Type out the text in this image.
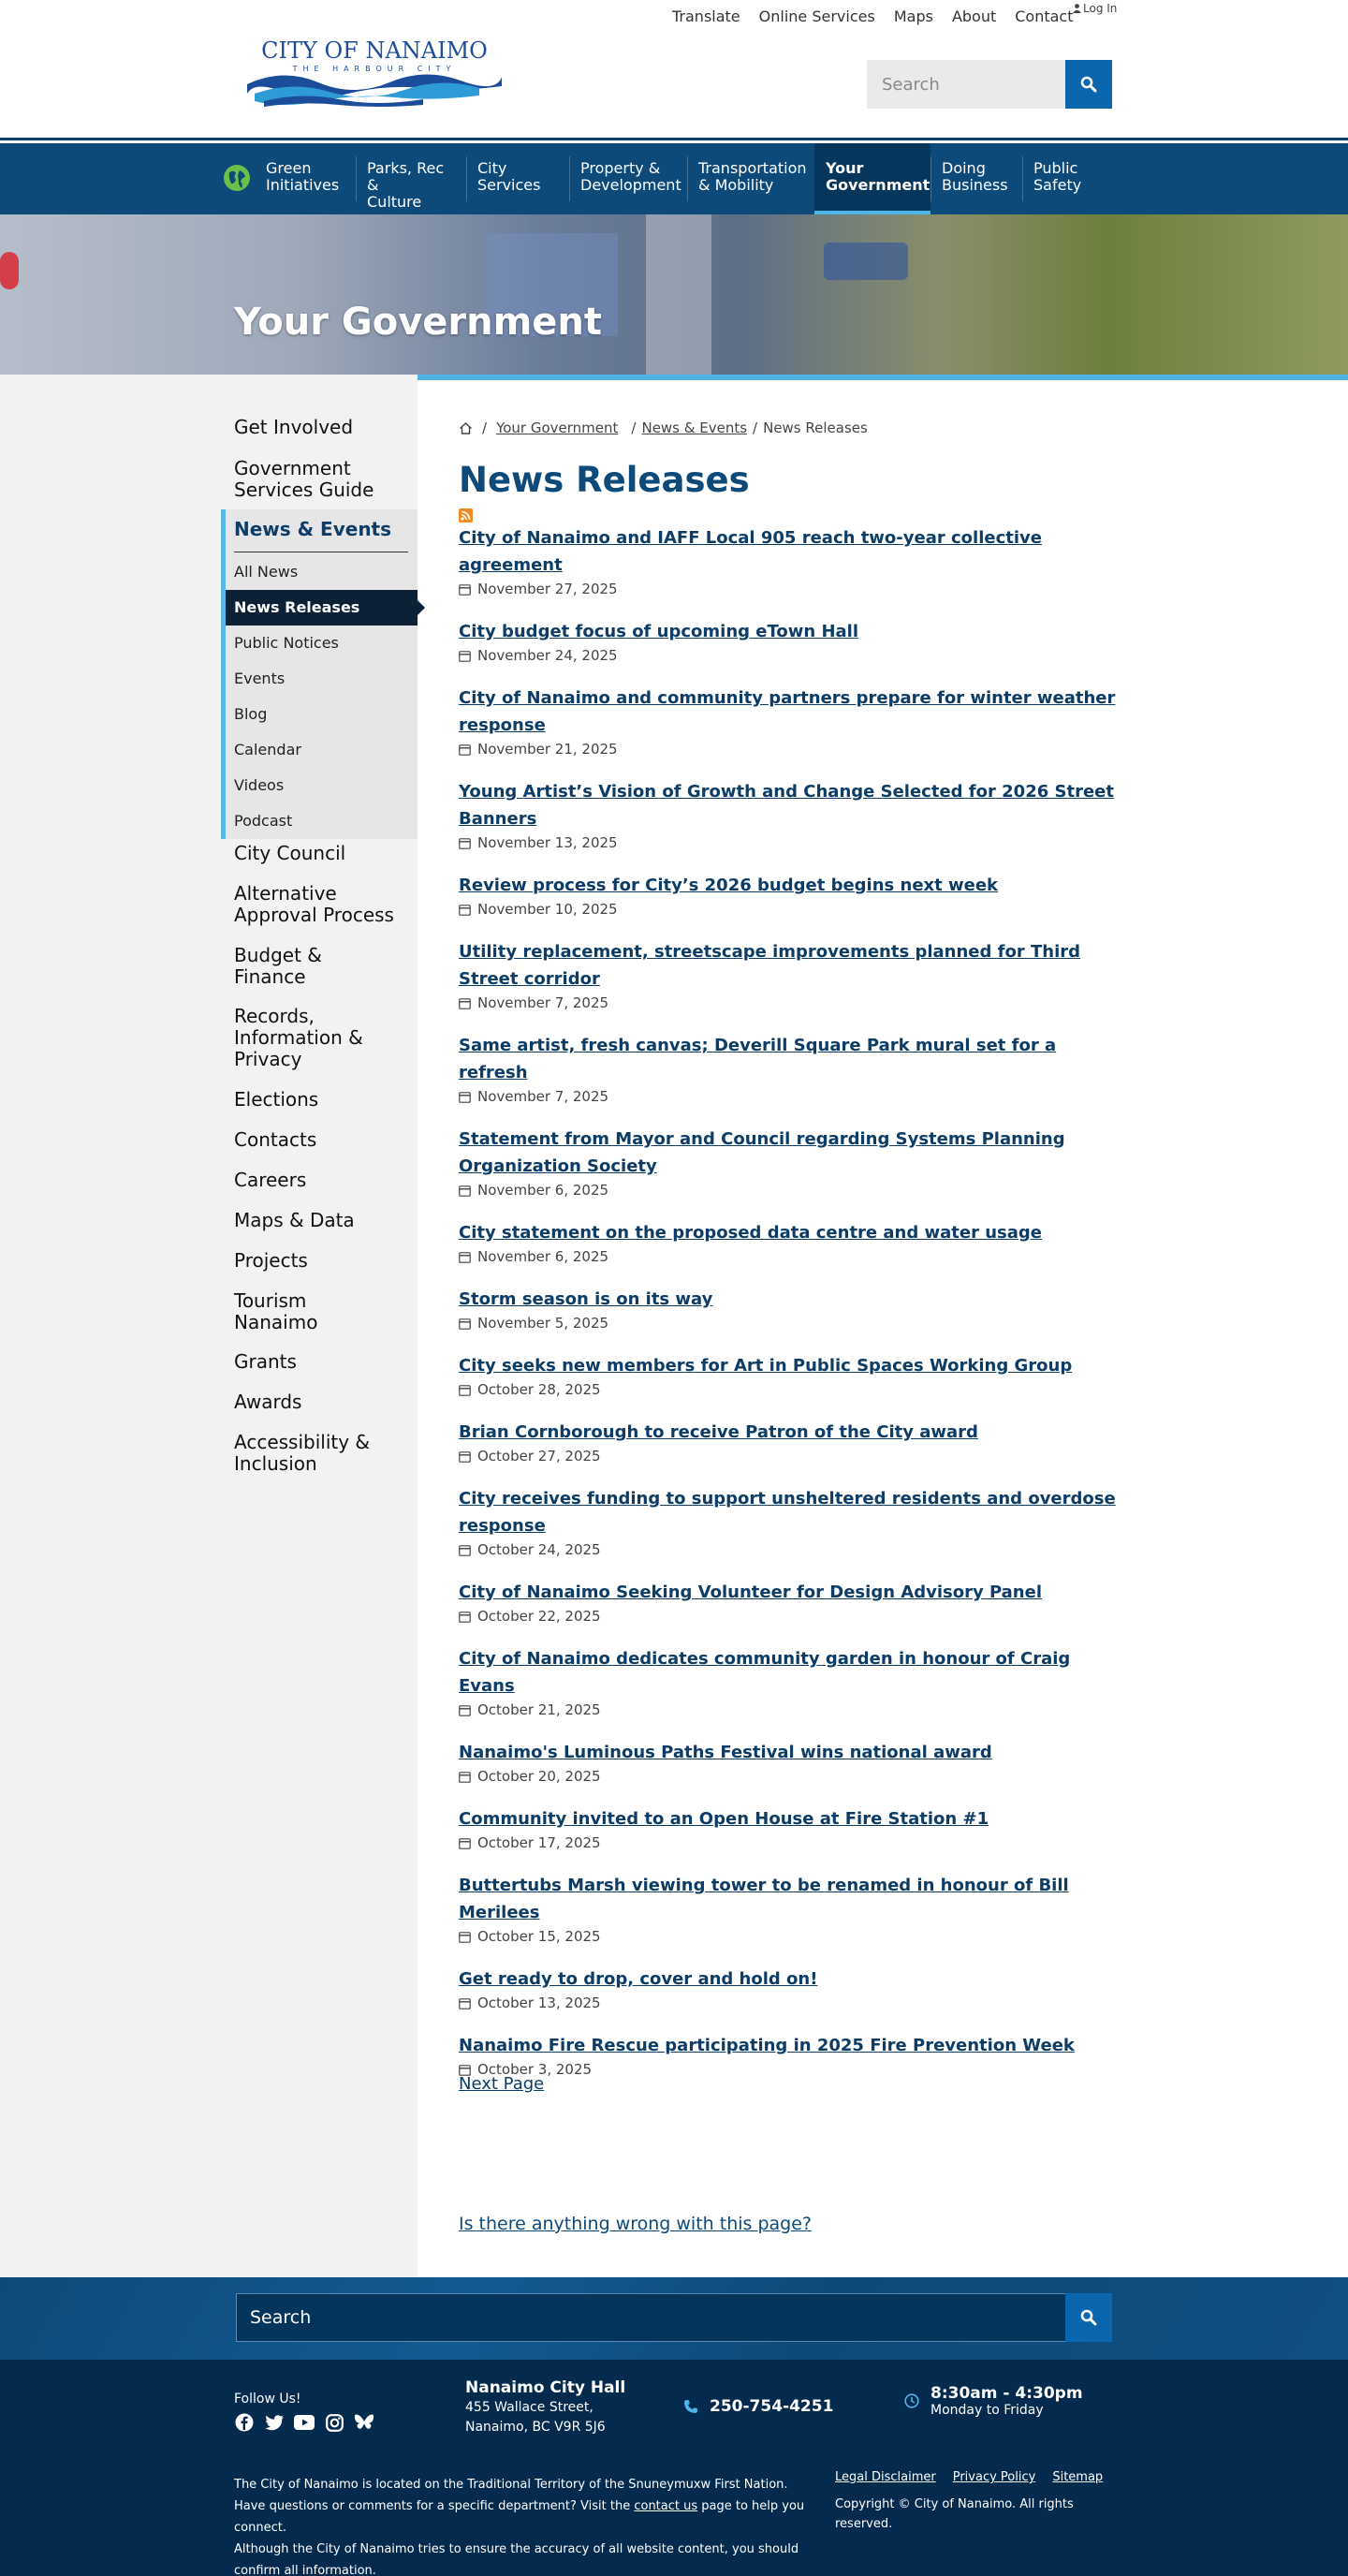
CITY OF NANAIMO
THE HARBOUR CITY
Translate Online Services Maps About Contact Log In
Search
Green
Initiatives
Parks, Rec &
Culture
City
Services
Property &
Development
Transportation
& Mobility
Your
Government
Doing
Business
Public
Safety
Your Government
Get Involved
Government
Services Guide
News & Events
All News
News Releases
Public Notices
Events
Blog
Calendar
Videos
Podcast
City Council
Alternative
Approval Process
Budget &
Finance
Records,
Information &
Privacy
Elections
Contacts
Careers
Maps & Data
Projects
Tourism
Nanaimo
Grants
Awards
Accessibility &
Inclusion
/ Your Government / News & Events / News Releases
News Releases
City of Nanaimo and IAFF Local 905 reach two-year collective agreement
November 27, 2025
City budget focus of upcoming eTown Hall
November 24, 2025
City of Nanaimo and community partners prepare for winter weather response
November 21, 2025
Young Artist’s Vision of Growth and Change Selected for 2026 Street Banners
November 13, 2025
Review process for City’s 2026 budget begins next week
November 10, 2025
Utility replacement, streetscape improvements planned for Third Street corridor
November 7, 2025
Same artist, fresh canvas; Deverill Square Park mural set for a refresh
November 7, 2025
Statement from Mayor and Council regarding Systems Planning Organization Society
November 6, 2025
City statement on the proposed data centre and water usage
November 6, 2025
Storm season is on its way
November 5, 2025
City seeks new members for Art in Public Spaces Working Group
October 28, 2025
Brian Cornborough to receive Patron of the City award
October 27, 2025
City receives funding to support unsheltered residents and overdose response
October 24, 2025
City of Nanaimo Seeking Volunteer for Design Advisory Panel
October 22, 2025
City of Nanaimo dedicates community garden in honour of Craig Evans
October 21, 2025
Nanaimo's Luminous Paths Festival wins national award
October 20, 2025
Community invited to an Open House at Fire Station #1
October 17, 2025
Buttertubs Marsh viewing tower to be renamed in honour of Bill Merilees
October 15, 2025
Get ready to drop, cover and hold on!
October 13, 2025
Nanaimo Fire Rescue participating in 2025 Fire Prevention Week
October 3, 2025
Next Page
Is there anything wrong with this page?
Search
Follow Us!
Nanaimo City Hall
455 Wallace Street,
Nanaimo, BC V9R 5J6
250-754-4251
8:30am - 4:30pm
Monday to Friday
The City of Nanaimo is located on the Traditional Territory of the Snuneymuxw First Nation.
Have questions or comments for a specific department? Visit the contact us page to help you connect.
Although the City of Nanaimo tries to ensure the accuracy of all website content, you should confirm all information.
Legal Disclaimer Privacy Policy Sitemap
Copyright © City of Nanaimo. All rights reserved.
